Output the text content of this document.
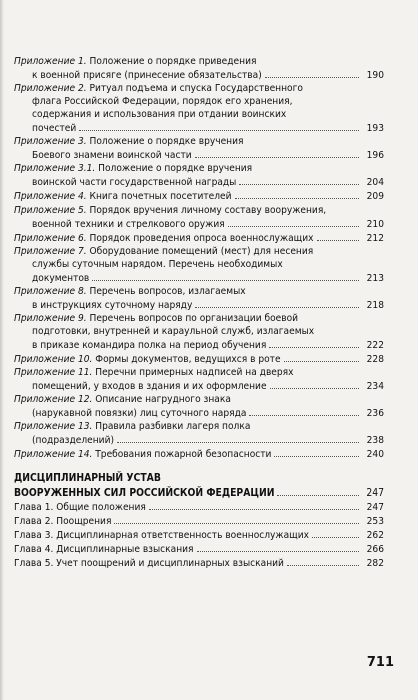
Приложение 1.
Положение о порядке приведения
к военной присяге (принесение обязательства)	190
Приложение 2.
Ритуал подъема и спуска Государственного
флага Российской Федерации, порядок его хранения,
содержания и использования при отдании воинских
почестей	193
Приложение 3.
Положение о порядке вручения
Боевого знамени воинской части	196
Приложение 3.1.
Положение о порядке вручения
воинской части государственной награды	204
Приложение 4.
Книга почетных посетителей	209
Приложение 5.
Порядок вручения личному составу вооружения,
военной техники и стрелкового оружия	210
Приложение 6.
Порядок проведения опроса военнослужащих	212
Приложение 7.
Оборудование помещений (мест) для несения
службы суточным нарядом. Перечень необходимых
документов	213
Приложение 8.
Перечень вопросов, излагаемых
в инструкциях суточному наряду	218
Приложение 9.
Перечень вопросов по организации боевой
подготовки, внутренней и караульной служб, излагаемых
в приказе командира полка на период обучения	222
Приложение 10.
Формы документов, ведущихся в роте	228
Приложение 11.
Перечни примерных надписей на дверях
помещений, у входов в здания и их оформление	234
Приложение 12.
Описание нагрудного знака
(нарукавной повязки) лиц суточного наряда	236
Приложение 13.
Правила разбивки лагеря полка
(подразделений)	238
Приложение 14.
Требования пожарной безопасности	240
ДИСЦИПЛИНАРНЫЙ УСТАВ
ВООРУЖЕННЫХ СИЛ РОССИЙСКОЙ ФЕДЕРАЦИИ	247
Глава 1. Общие положения	247
Глава 2. Поощрения	253
Глава 3. Дисциплинарная ответственность военнослужащих	262
Глава 4. Дисциплинарные взыскания	266
Глава 5. Учет поощрений и дисциплинарных взысканий	282
711
